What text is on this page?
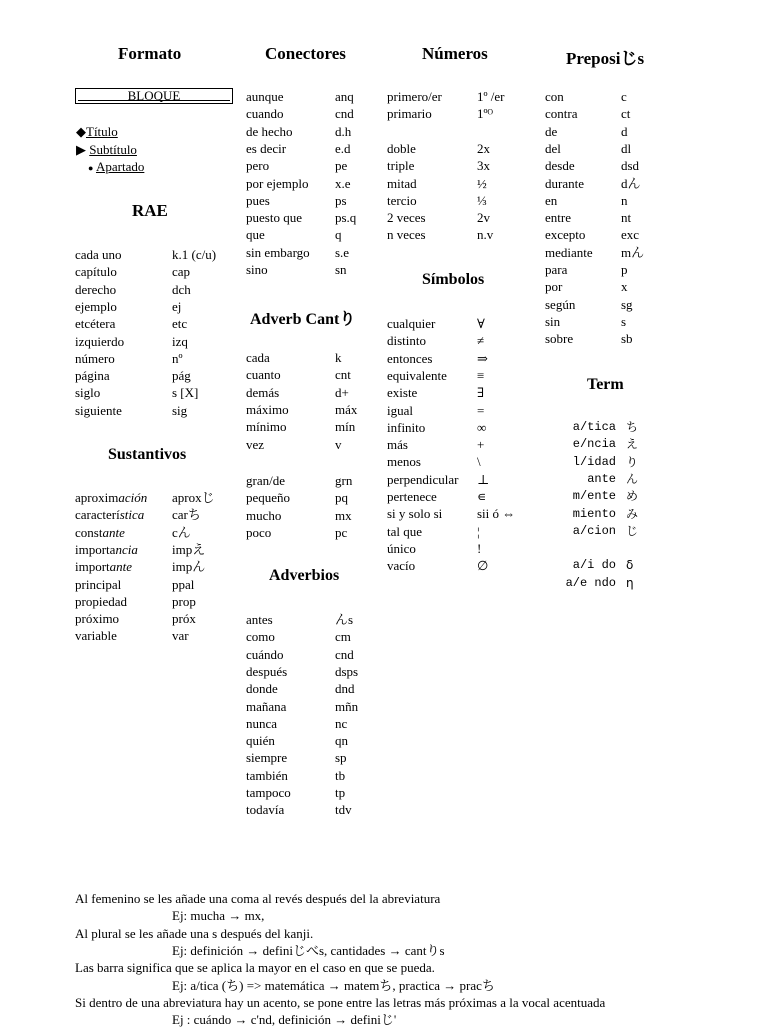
Formato	Conectores	Números	Preposiじs
BLOQUE
◆Título
▶ Subtítulo
● Apartado
RAE
cada uno	k.1 (c/u)
capítulo	cap
derecho	dch
ejemplo	ej
etcétera	etc
izquierdo	izq
número	nº
página	pág
siglo	s [X]
siguiente	sig
Sustantivos
aproximación aproxじ
característica carち
constante	cん
importancia	impえ
importante	impん
principal	ppal
propiedad	prop
próximo	próx
variable	var
aunque	anq
cuando	cnd
de hecho	d.h
es decir	e.d
pero	pe
por ejemplo x.e
pues	ps
puesto que	ps.q
que	q
sin embargo s.e
sino	sn
Adverb Cantり
cada	k
cuanto	cnt
demás	d+
máximo	máx
mínimo	mín
vez	v
gran/de	grn
pequeño	pq
mucho	mx
poco	pc
Adverbios
antes	んs
como	cm
cuándo	cnd
después	dsps
donde	dnd
mañana	mñn
nunca	nc
quién	qn
siempre	sp
también	tb
tampoco	tp
todavía	tdv
primero/er	1º /er
primario	1ºᴼ
doble	2x
triple	3x
mitad	½
tercio	⅓
2 veces	2v
n veces	n.v
Símbolos
cualquier	∀
distinto	≠
entonces	⇒
equivalente ≡
existe	∃
igual	=
infinito	∞
más	+
menos	\
perpendicular ⊥
pertenece	∊
si y solo si	sii ó ⇔
tal que	¦
único	!
vacío	∅
con	c
contra	ct
de	d
del	dl
desde	dsd
durante	dん
en	n
entre	nt
excepto	exc
mediante mん
para	p
por	x
según	sg
sin	s
sobre	sb
Term
a/tica ち
e/ncia え
l/idad り
ante ん
m/ente め
miento み
a/cion じ
a/i do δ
a/e ndo η
Al femenino se les añade una coma al revés después del la abreviatura
Ej: mucha → mx,
Al plural se les añade una s después del kanji.
Ej: definición → definiじべs, cantidades → cantりs
Las barra significa que se aplica la mayor en el caso en que se pueda.
Ej: a/tica (ち) => matemática → matemち, practica → pracち
Si dentro de una abreviatura hay un acento, se pone entre las letras más próximas a la vocal acentuada
Ej : cuándo → c'nd, definición → definiじ'
